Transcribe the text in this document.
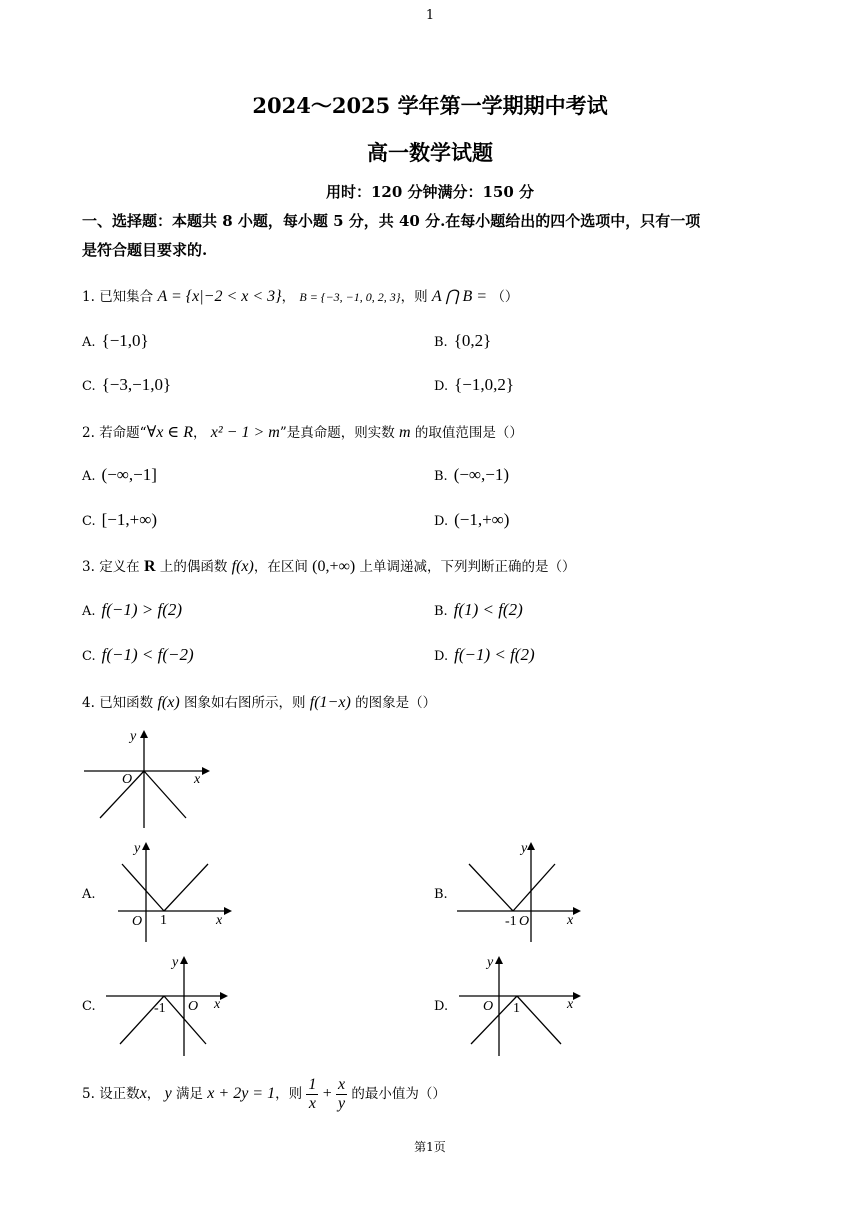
1
2024～2025 学年第一学期期中考试
高一数学试题
用时：120 分钟满分：150 分
一、选择题：本题共 8 小题，每小题 5 分，共 40 分.在每小题给出的四个选项中，只有一项
是符合题目要求的.
1. 已知集合 A = {x|−2 < x < 3}， B = {−3, −1, 0, 2, 3}，则 A ⋂ B = （）
A. {−1,0}	B. {0,2}
C. {−3,−1,0}	D. {−1,0,2}
2. 若命题“∀x ∈ R， x² − 1 > m”是真命题，则实数 m 的取值范围是（）
A. (−∞,−1]	B. (−∞,−1)
C. [−1,+∞)	D. (−1,+∞)
3. 定义在 R 上的偶函数 f(x)，在区间 (0,+∞) 上单调递减，下列判断正确的是（）
A. f(−1) > f(2)	B. f(1) < f(2)
C. f(−1) < f(−2)	D. f(−1) < f(2)
4. 已知函数 f(x) 图象如右图所示，则 f(1−x) 的图象是（）
y
x
O
A.
y
x
O 1
B.
y
x
-1 O
C.
y
x
-1 O	D.
y
x
O 1
5. 设正数x， y 满足 x + 2y = 1，则 $\frac{1}{x} + \frac{x}{y}$ 的最小值为（）
第1页
